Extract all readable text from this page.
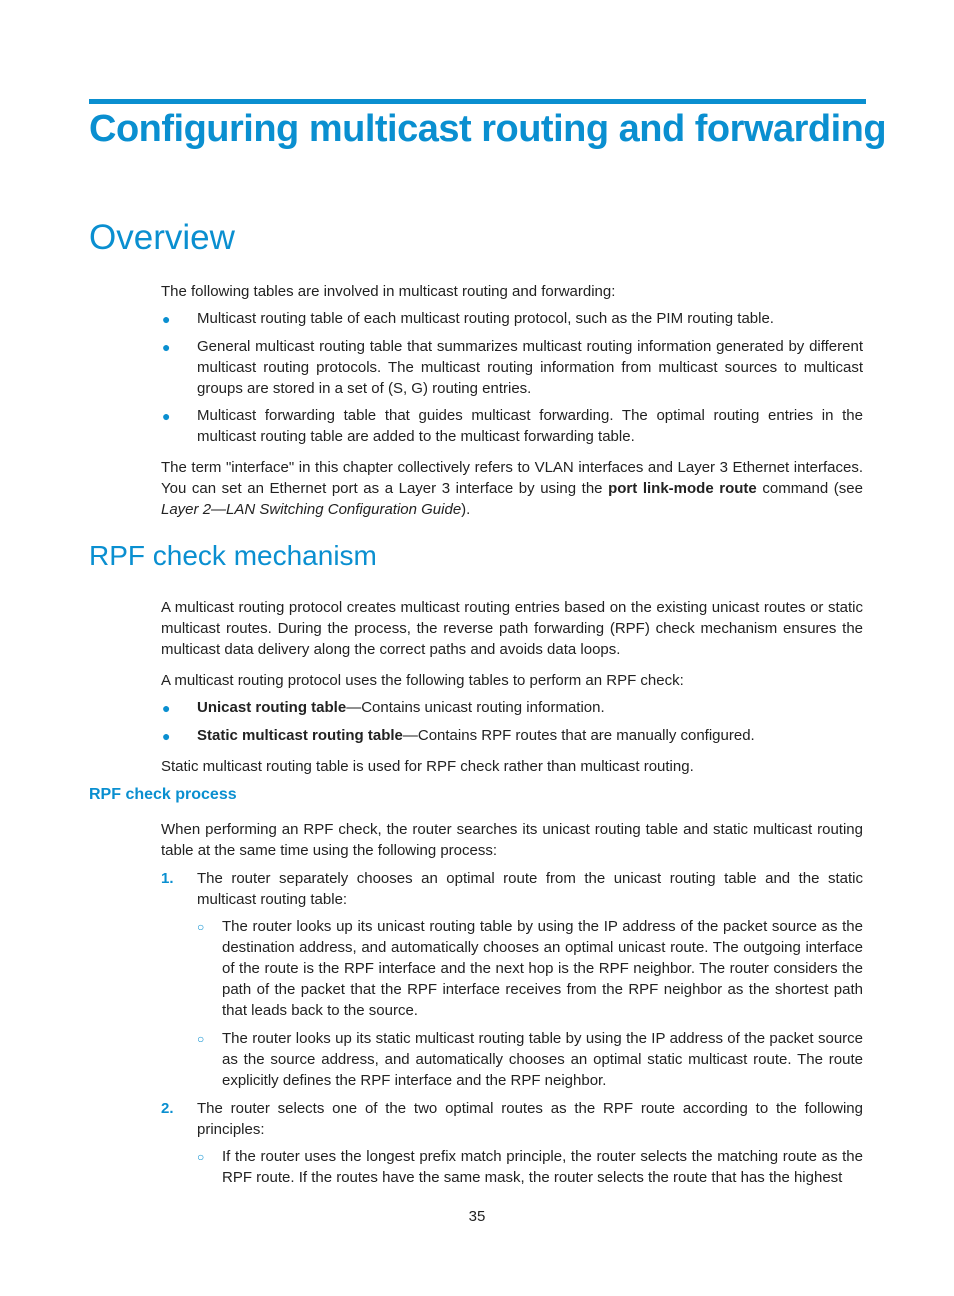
Configuring multicast routing and forwarding
Overview

The following tables are involved in multicast routing and forwarding:

● Multicast routing table of each multicast routing protocol, such as the PIM routing table.

● General multicast routing table that summarizes multicast routing information generated by different multicast routing protocols. The multicast routing information from multicast sources to multicast groups are stored in a set of (S, G) routing entries.

● Multicast forwarding table that guides multicast forwarding. The optimal routing entries in the multicast routing table are added to the multicast forwarding table.

The term "interface" in this chapter collectively refers to VLAN interfaces and Layer 3 Ethernet interfaces. You can set an Ethernet port as a Layer 3 interface by using the port link-mode route command (see Layer 2—LAN Switching Configuration Guide).

RPF check mechanism

A multicast routing protocol creates multicast routing entries based on the existing unicast routes or static multicast routes. During the process, the reverse path forwarding (RPF) check mechanism ensures the multicast data delivery along the correct paths and avoids data loops.

A multicast routing protocol uses the following tables to perform an RPF check:

● Unicast routing table—Contains unicast routing information.

● Static multicast routing table—Contains RPF routes that are manually configured.

Static multicast routing table is used for RPF check rather than multicast routing.

RPF check process

When performing an RPF check, the router searches its unicast routing table and static multicast routing table at the same time using the following process:

1. The router separately chooses an optimal route from the unicast routing table and the static multicast routing table:

○ The router looks up its unicast routing table by using the IP address of the packet source as the destination address, and automatically chooses an optimal unicast route. The outgoing interface of the route is the RPF interface and the next hop is the RPF neighbor. The router considers the path of the packet that the RPF interface receives from the RPF neighbor as the shortest path that leads back to the source.

○ The router looks up its static multicast routing table by using the IP address of the packet source as the source address, and automatically chooses an optimal static multicast route. The route explicitly defines the RPF interface and the RPF neighbor.

2. The router selects one of the two optimal routes as the RPF route according to the following principles:

○ If the router uses the longest prefix match principle, the router selects the matching route as the RPF route. If the routes have the same mask, the router selects the route that has the highest

35
